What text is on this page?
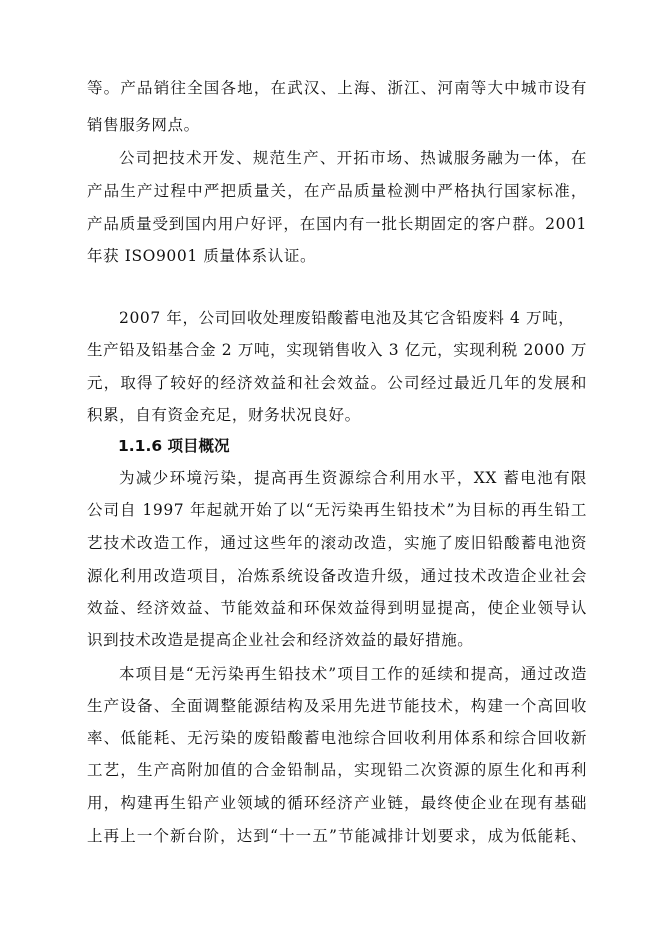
等。产品销往全国各地，在武汉、上海、浙江、河南等大中城市设有
销售服务网点。
公司把技术开发、规范生产、开拓市场、热诚服务融为一体，在
产品生产过程中严把质量关，在产品质量检测中严格执行国家标准，
产品质量受到国内用户好评，在国内有一批长期固定的客户群。2001
年获 ISO9001 质量体系认证。
2007 年，公司回收处理废铅酸蓄电池及其它含铅废料 4 万吨，
生产铅及铅基合金 2 万吨，实现销售收入 3 亿元，实现利税 2000 万
元，取得了较好的经济效益和社会效益。公司经过最近几年的发展和
积累，自有资金充足，财务状况良好。
1.1.6 项目概况
为减少环境污染，提高再生资源综合利用水平，XX 蓄电池有限
公司自 1997 年起就开始了以“无污染再生铅技术”为目标的再生铅工
艺技术改造工作，通过这些年的滚动改造，实施了废旧铅酸蓄电池资
源化利用改造项目，冶炼系统设备改造升级，通过技术改造企业社会
效益、经济效益、节能效益和环保效益得到明显提高，使企业领导认
识到技术改造是提高企业社会和经济效益的最好措施。
本项目是“无污染再生铅技术”项目工作的延续和提高，通过改造
生产设备、全面调整能源结构及采用先进节能技术，构建一个高回收
率、低能耗、无污染的废铅酸蓄电池综合回收利用体系和综合回收新
工艺，生产高附加值的合金铅制品，实现铅二次资源的原生化和再利
用，构建再生铅产业领域的循环经济产业链，最终使企业在现有基础
上再上一个新台阶，达到“十一五”节能减排计划要求，成为低能耗、
